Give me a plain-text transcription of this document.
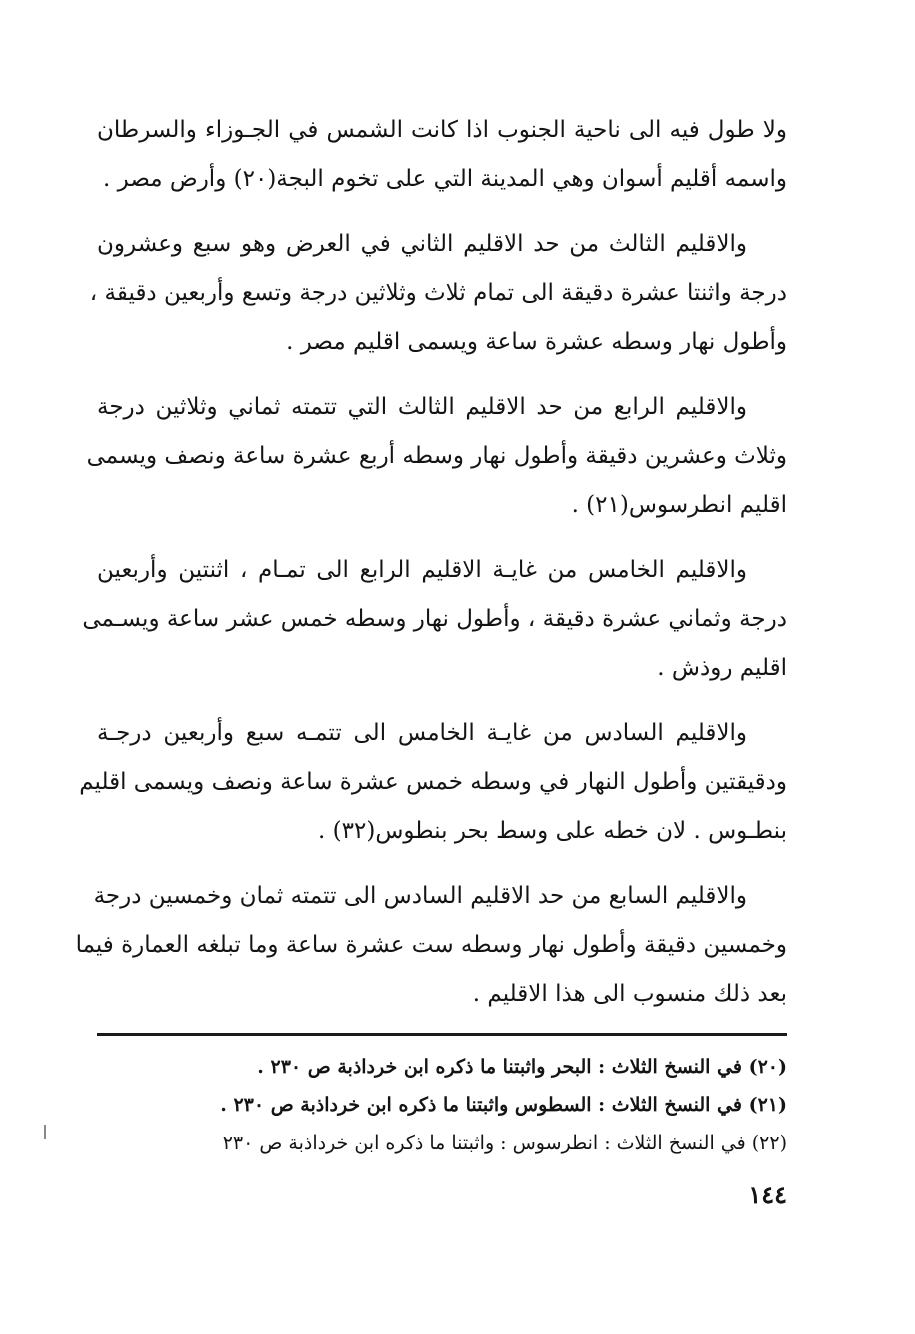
ولا طول فيه الى ناحية الجنوب اذا كانت الشمس في الجـوزاء والسرطان
واسمه أقليم أسوان وهي المدينة التي على تخوم البجة(٢٠) وأرض مصر .
والاقليم الثالث من حد الاقليم الثاني في العرض وهو سبع وعشرون
درجة واثنتا عشرة دقيقة الى تمام ثلاث وثلاثين درجة وتسع وأربعين دقيقة ،
وأطول نهار وسطه عشرة ساعة ويسمى اقليم مصر .
والاقليم الرابع من حد الاقليم الثالث التي تتمته ثماني وثلاثين درجة
وثلاث وعشرين دقيقة وأطول نهار وسطه أربع عشرة ساعة ونصف ويسمى
اقليم انطرسوس(٢١) .
والاقليم الخامس من غايـة الاقليم الرابع الى تمـام ، اثنتين وأربعين
درجة وثماني عشرة دقيقة ، وأطول نهار وسطه خمس عشر ساعة ويسـمى
اقليم روذش .
والاقليم السادس من غايـة الخامس الى تتمـه سبع وأربعين درجـة
ودقيقتين وأطول النهار في وسطه خمس عشرة ساعة ونصف ويسمى اقليم
بنطـوس . لان خطه على وسط بحر بنطوس(٣٢) .
والاقليم السابع من حد الاقليم السادس الى تتمته ثمان وخمسين درجة
وخمسين دقيقة وأطول نهار وسطه ست عشرة ساعة وما تبلغه العمارة فيما
بعد ذلك منسوب الى هذا الاقليم .
(٢٠) في النسخ الثلاث : البحر واثبتنا ما ذكره ابن خرداذبة ص ٢٣٠ .
(٢١) في النسخ الثلاث : السطوس واثبتنا ما ذكره ابن خرداذبة ص ٢٣٠ .
(٢٢) في النسخ الثلاث : انطرسوس : واثبتنا ما ذكره ابن خرداذبة ص ٢٣٠
١٤٤
